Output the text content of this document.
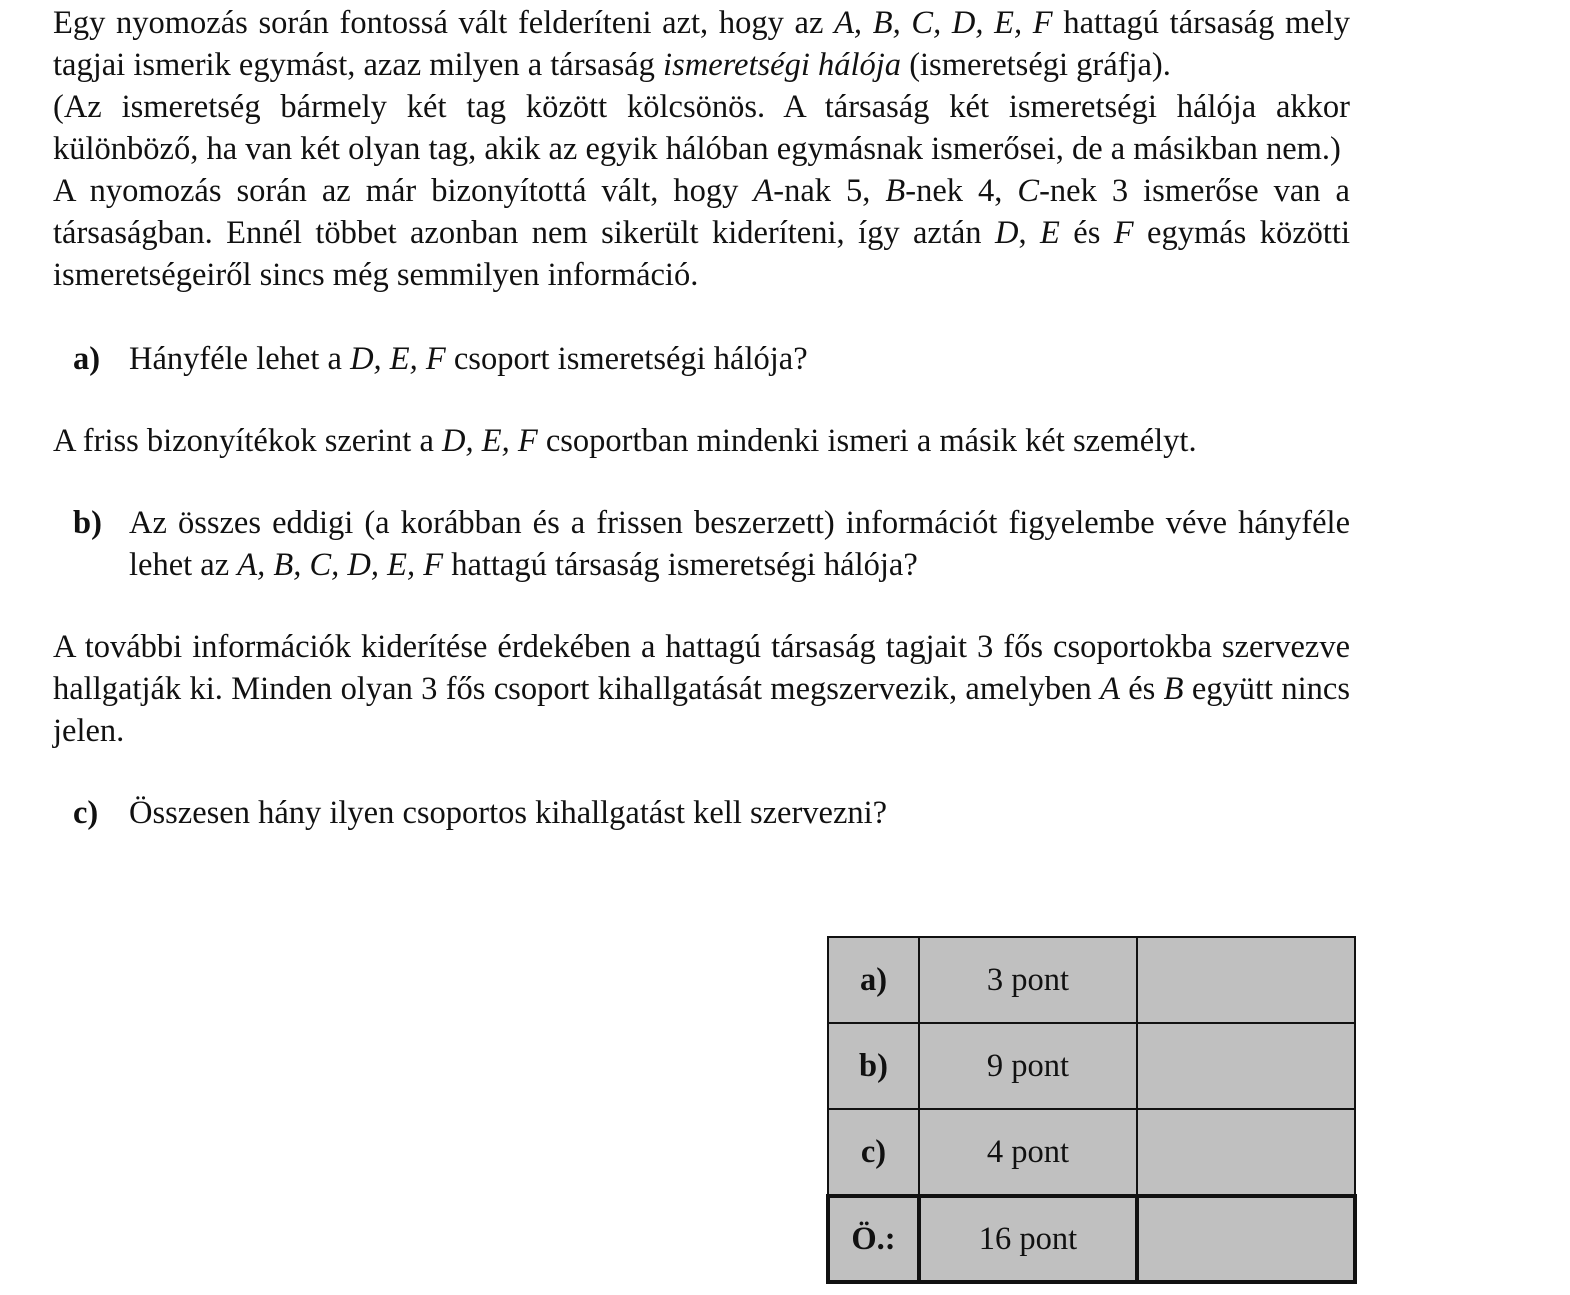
Egy nyomozás során fontossá vált felderíteni azt, hogy az A, B, C, D, E, F hattagú társaság mely tagjai ismerik egymást, azaz milyen a társaság ismeretségi hálója (ismeretségi gráfja).

(Az ismeretség bármely két tag között kölcsönös. A társaság két ismeretségi hálója akkor különböző, ha van két olyan tag, akik az egyik hálóban egymásnak ismerősei, de a másikban nem.)

A nyomozás során az már bizonyítottá vált, hogy A-nak 5, B-nek 4, C-nek 3 ismerőse van a társaságban. Ennél többet azonban nem sikerült kideríteni, így aztán D, E és F egymás közötti ismeretségeiről sincs még semmilyen információ.

a) Hányféle lehet a D, E, F csoport ismeretségi hálója?

A friss bizonyítékok szerint a D, E, F csoportban mindenki ismeri a másik két személyt.

b) Az összes eddigi (a korábban és a frissen beszerzett) információt figyelembe véve hányféle lehet az A, B, C, D, E, F hattagú társaság ismeretségi hálója?

A további információk kiderítése érdekében a hattagú társaság tagjait 3 fős csoportokba szervezve hallgatják ki. Minden olyan 3 fős csoport kihallgatását megszervezik, amelyben A és B együtt nincs jelen.

c) Összesen hány ilyen csoportos kihallgatást kell szervezni?
a)	3 pont	
b)	9 pont	
c)	4 pont	
Ö.:	16 pont	
